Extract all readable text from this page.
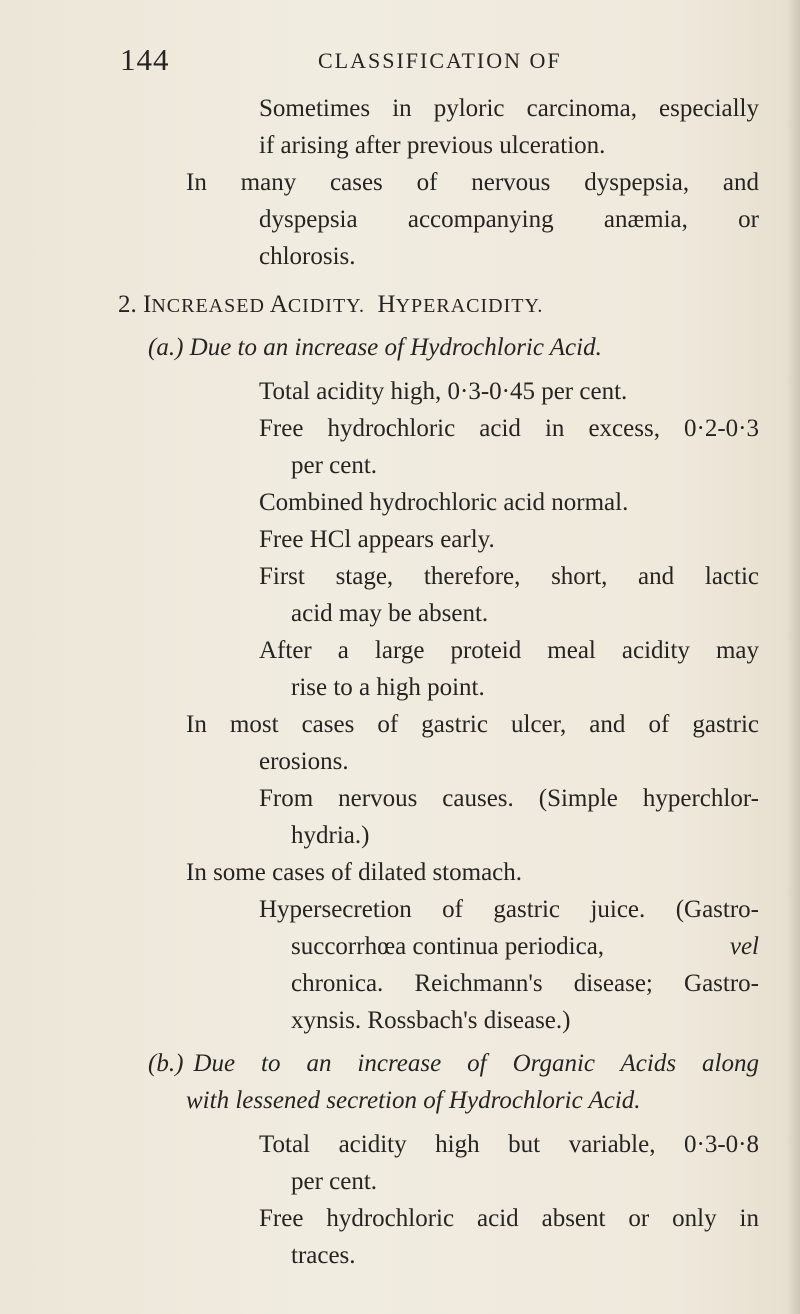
144	CLASSIFICATION OF
Sometimes in pyloric carcinoma, especially
if arising after previous ulceration.
In many cases of nervous dyspepsia, and
dyspepsia accompanying anæmia, or
chlorosis.
2. INCREASED ACIDITY. HYPERACIDITY.
(a.) Due to an increase of Hydrochloric Acid.
Total acidity high, 0·3-0·45 per cent.
Free hydrochloric acid in excess, 0·2-0·3
per cent.
Combined hydrochloric acid normal.
Free HCl appears early.
First stage, therefore, short, and lactic
acid may be absent.
After a large proteid meal acidity may
rise to a high point.
In most cases of gastric ulcer, and of gastric
erosions.
From nervous causes. (Simple hyperchlor-
hydria.)
In some cases of dilated stomach.
Hypersecretion of gastric juice. (Gastro-
succorrhœa continua periodica,	vel
chronica. Reichmann's disease; Gastro-
xynsis. Rossbach's disease.)
(b.) Due to an increase of Organic Acids along
with lessened secretion of Hydrochloric Acid.
Total acidity high but variable, 0·3-0·8
per cent.
Free hydrochloric acid absent or only in
traces.
